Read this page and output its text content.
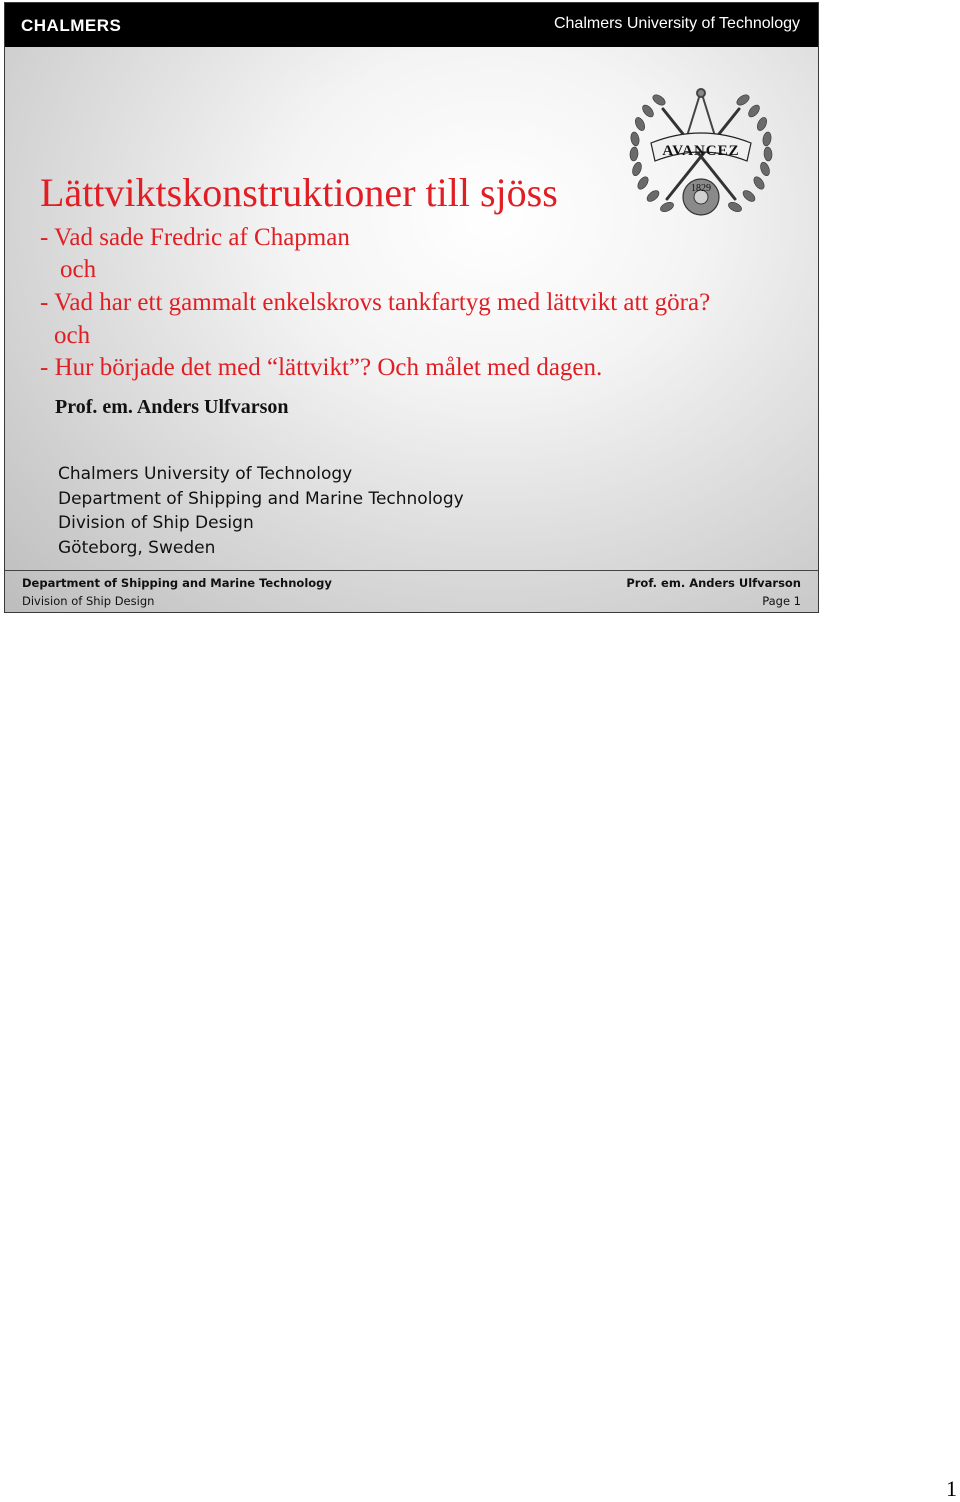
CHALMERS	Chalmers University of Technology
AVANCEZ
1829
Lättviktskonstruktioner till sjöss
- Vad sade Fredric af Chapman
och
- Vad har ett gammalt enkelskrovs tankfartyg med lättvikt att göra?
och
- Hur började det med “lättvikt”? Och målet med dagen.
Prof. em. Anders Ulfvarson
Chalmers University of Technology
Department of Shipping and Marine Technology
Division of Ship Design
Göteborg, Sweden
Department of Shipping and Marine Technology
Division of Ship Design
Prof. em. Anders Ulfvarson
Page 1
1
